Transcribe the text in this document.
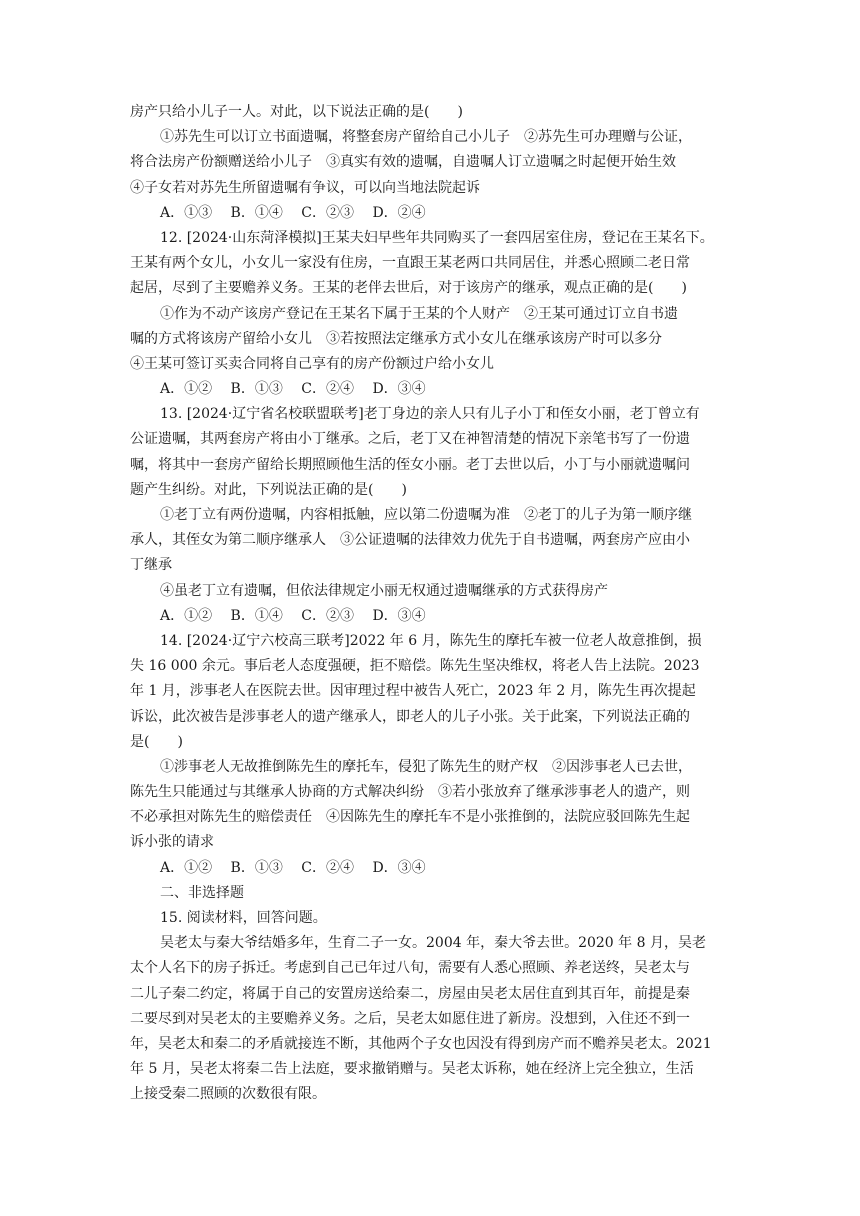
房产只给小儿子一人。对此，以下说法正确的是(　　)
①苏先生可以订立书面遗嘱，将整套房产留给自己小儿子　②苏先生可办理赠与公证，
将合法房产份额赠送给小儿子　③真实有效的遗嘱，自遗嘱人订立遗嘱之时起便开始生效
④子女若对苏先生所留遗嘱有争议，可以向当地法院起诉
A．①③　 B．①④　 C．②③　 D．②④
12. [2024·山东菏泽模拟]王某夫妇早些年共同购买了一套四居室住房，登记在王某名下。
王某有两个女儿，小女儿一家没有住房，一直跟王某老两口共同居住，并悉心照顾二老日常
起居，尽到了主要赡养义务。王某的老伴去世后，对于该房产的继承，观点正确的是(　　)
①作为不动产该房产登记在王某名下属于王某的个人财产　②王某可通过订立自书遗
嘱的方式将该房产留给小女儿　③若按照法定继承方式小女儿在继承该房产时可以多分
④王某可签订买卖合同将自己享有的房产份额过户给小女儿
A．①②　 B．①③　 C．②④　 D．③④
13. [2024·辽宁省名校联盟联考]老丁身边的亲人只有儿子小丁和侄女小丽，老丁曾立有
公证遗嘱，其两套房产将由小丁继承。之后，老丁又在神智清楚的情况下亲笔书写了一份遗
嘱，将其中一套房产留给长期照顾他生活的侄女小丽。老丁去世以后，小丁与小丽就遗嘱问
题产生纠纷。对此，下列说法正确的是(　　)
①老丁立有两份遗嘱，内容相抵触，应以第二份遗嘱为准　②老丁的儿子为第一顺序继
承人，其侄女为第二顺序继承人　③公证遗嘱的法律效力优先于自书遗嘱，两套房产应由小
丁继承
④虽老丁立有遗嘱，但依法律规定小丽无权通过遗嘱继承的方式获得房产
A．①②　 B．①④　 C．②③　 D．③④
14. [2024·辽宁六校高三联考]2022 年 6 月，陈先生的摩托车被一位老人故意推倒，损
失 16 000 余元。事后老人态度强硬，拒不赔偿。陈先生坚决维权，将老人告上法院。2023
年 1 月，涉事老人在医院去世。因审理过程中被告人死亡，2023 年 2 月，陈先生再次提起
诉讼，此次被告是涉事老人的遗产继承人，即老人的儿子小张。关于此案，下列说法正确的
是(　　)
①涉事老人无故推倒陈先生的摩托车，侵犯了陈先生的财产权　②因涉事老人已去世，
陈先生只能通过与其继承人协商的方式解决纠纷　③若小张放弃了继承涉事老人的遗产，则
不必承担对陈先生的赔偿责任　④因陈先生的摩托车不是小张推倒的，法院应驳回陈先生起
诉小张的请求
A．①②　 B．①③　 C．②④　 D．③④
二、非选择题
15. 阅读材料，回答问题。
吴老太与秦大爷结婚多年，生育二子一女。2004 年，秦大爷去世。2020 年 8 月，吴老
太个人名下的房子拆迁。考虑到自己已年过八旬，需要有人悉心照顾、养老送终，吴老太与
二儿子秦二约定，将属于自己的安置房送给秦二，房屋由吴老太居住直到其百年，前提是秦
二要尽到对吴老太的主要赡养义务。之后，吴老太如愿住进了新房。没想到，入住还不到一
年，吴老太和秦二的矛盾就接连不断，其他两个子女也因没有得到房产而不赡养吴老太。2021
年 5 月，吴老太将秦二告上法庭，要求撤销赠与。吴老太诉称，她在经济上完全独立，生活
上接受秦二照顾的次数很有限。
